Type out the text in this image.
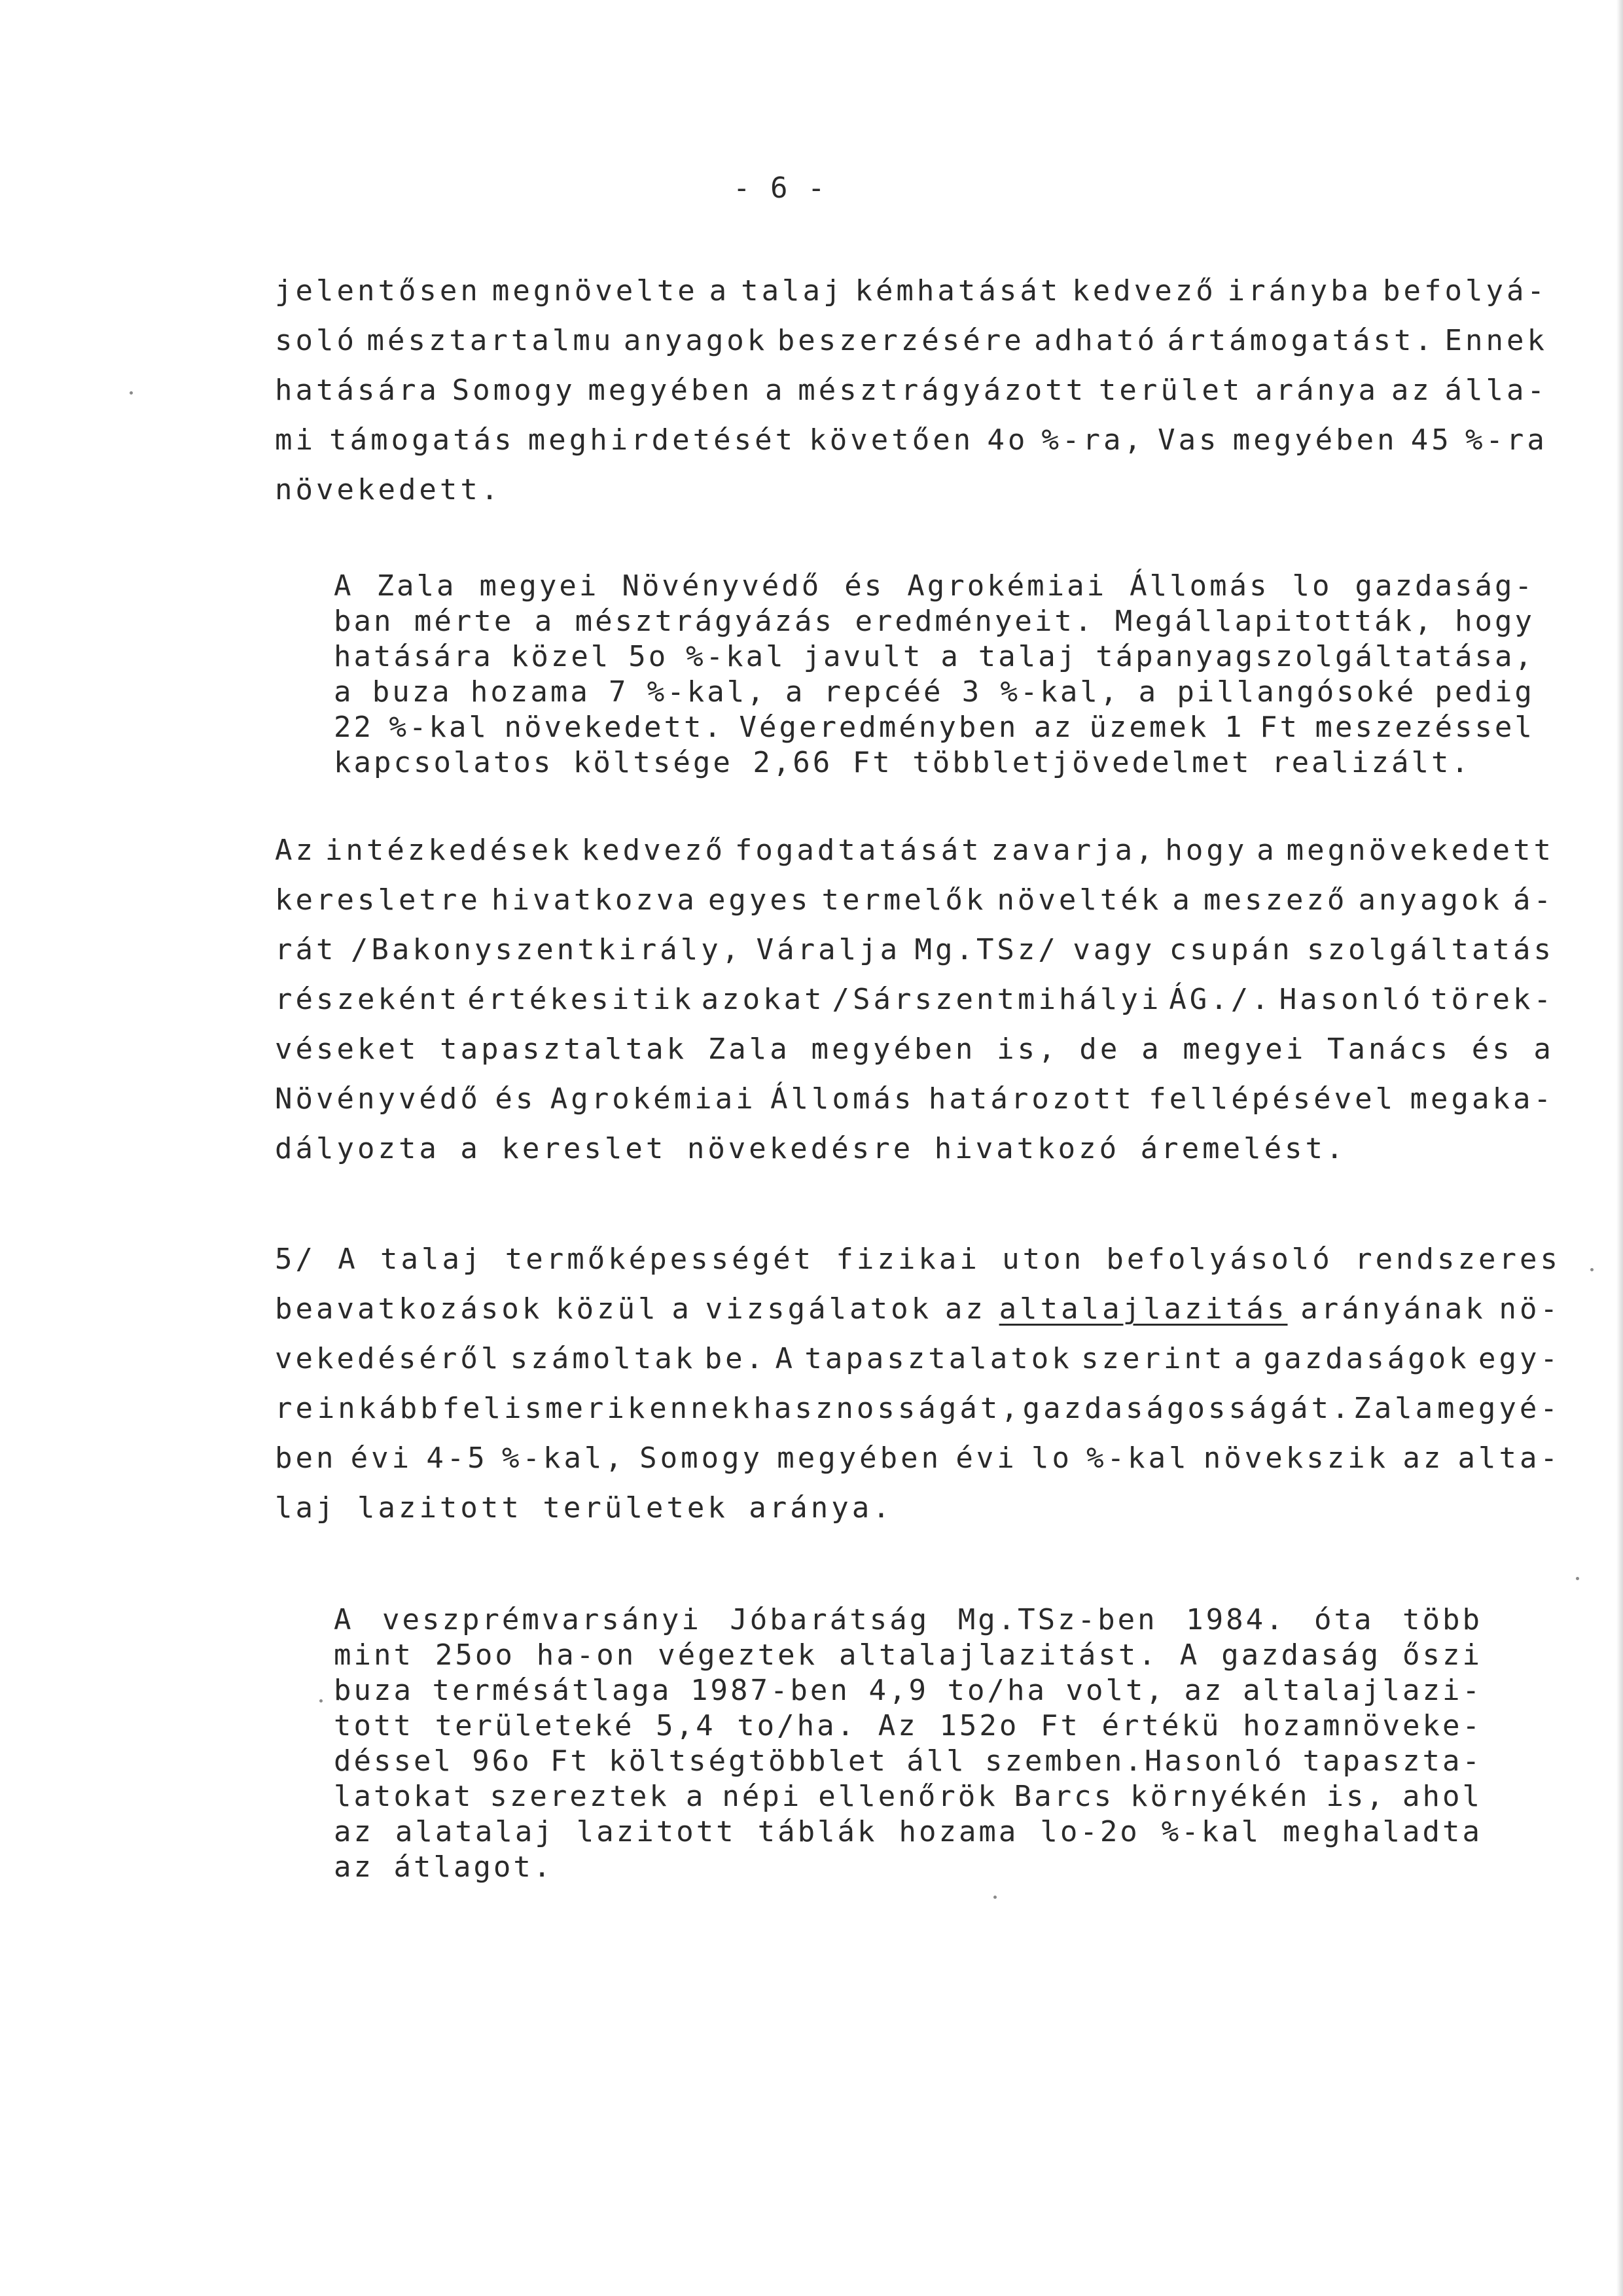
- 6 -
jelentősen megnövelte a talaj kémhatását kedvező irányba befolyá-
soló mésztartalmu anyagok beszerzésére adható ártámogatást. Ennek
hatására Somogy megyében a mésztrágyázott terület aránya az álla-
mi támogatás meghirdetését követően 4o %-ra, Vas megyében 45 %-ra
növekedett.
A Zala megyei Növényvédő és Agrokémiai Állomás lo gazdaság-
ban mérte a mésztrágyázás eredményeit. Megállapitották, hogy
hatására közel 5o %-kal javult a talaj tápanyagszolgáltatása,
a buza hozama 7 %-kal, a repcéé 3 %-kal, a pillangósoké pedig
22 %-kal növekedett. Végeredményben az üzemek 1 Ft meszezéssel
kapcsolatos költsége 2,66 Ft többletjövedelmet realizált.
Az intézkedések kedvező fogadtatását zavarja, hogy a megnövekedett
keresletre hivatkozva egyes termelők növelték a meszező anyagok á-
rát /Bakonyszentkirály, Váralja Mg.TSz/ vagy csupán szolgáltatás
részeként értékesitik azokat /Sárszentmihályi ÁG./. Hasonló törek-
véseket tapasztaltak Zala megyében is, de a megyei Tanács és a
Növényvédő és Agrokémiai Állomás határozott fellépésével megaka-
dályozta a kereslet növekedésre hivatkozó áremelést.
5/ A talaj termőképességét fizikai uton befolyásoló rendszeres
beavatkozások közül a vizsgálatok az altalajlazitás arányának nö-
vekedéséről számoltak be. A tapasztalatok szerint a gazdaságok egy-
re inkább felismerik ennek hasznosságát, gazdaságosságát. Zala megyé-
ben évi 4-5 %-kal, Somogy megyében évi lo %-kal növekszik az alta-
laj lazitott területek aránya.
A veszprémvarsányi Jóbarátság Mg.TSz-ben 1984. óta több
mint 25oo ha-on végeztek altalajlazitást. A gazdaság őszi
buza termésátlaga 1987-ben 4,9 to/ha volt, az altalajlazi-
tott területeké 5,4 to/ha. Az 152o Ft értékü hozamnöveke-
déssel 96o Ft költségtöbblet áll szemben.Hasonló tapaszta-
latokat szereztek a népi ellenőrök Barcs környékén is, ahol
az alatalaj lazitott táblák hozama lo-2o %-kal meghaladta
az átlagot.
